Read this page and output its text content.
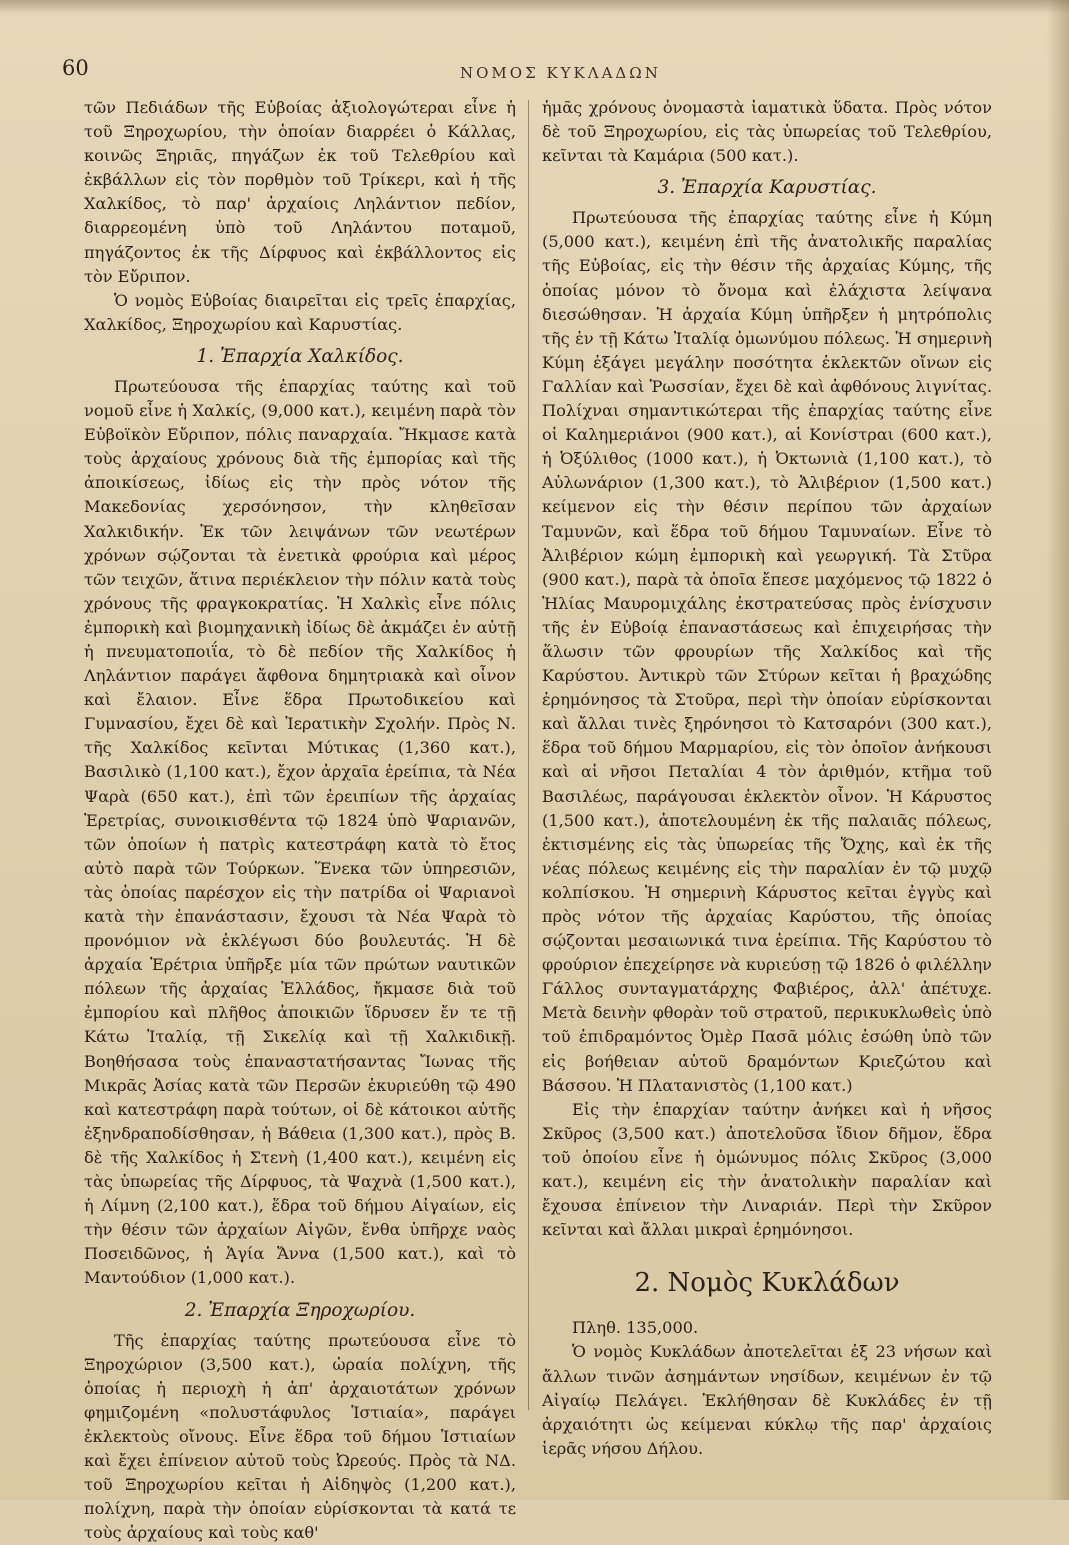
60	ΝΟΜΟΣ ΚΥΚΛΑΔΩΝ

τῶν Πεδιάδων τῆς Εὐβοίας ἀξιολογώτεραι εἶνε ἡ τοῦ Ξηροχωρίου, τὴν ὁποίαν διαρρέει ὁ Κάλλας, κοινῶς Ξηριᾶς, πηγάζων ἐκ τοῦ Τελεθρίου καὶ ἐκβάλλων εἰς τὸν πορθμὸν τοῦ Τρίκερι, καὶ ἡ τῆς Χαλκίδος, τὸ παρ' ἀρχαίοις Ληλάντιον πεδίον, διαρρεομένη ὑπὸ τοῦ Ληλάντου ποταμοῦ, πηγάζοντος ἐκ τῆς Δίρφυος καὶ ἐκβάλλοντος εἰς τὸν Εὔριπον.

Ὁ νομὸς Εὐβοίας διαιρεῖται εἰς τρεῖς ἐπαρχίας, Χαλκίδος, Ξηροχωρίου καὶ Καρυστίας.

1. Ἐπαρχία Χαλκίδος.

Πρωτεύουσα τῆς ἐπαρχίας ταύτης καὶ τοῦ νομοῦ εἶνε ἡ Χαλκίς, (9,000 κατ.), κειμένη παρὰ τὸν Εὐβοϊκὸν Εὔριπον, πόλις παναρχαία. Ἤκμασε κατὰ τοὺς ἀρχαίους χρόνους διὰ τῆς ἐμπορίας καὶ τῆς ἀποικίσεως, ἰδίως εἰς τὴν πρὸς νότον τῆς Μακεδονίας χερσόνησον, τὴν κληθεῖσαν Χαλκιδικήν. Ἐκ τῶν λειψάνων τῶν νεωτέρων χρόνων σῴζονται τὰ ἐνετικὰ φρούρια καὶ μέρος τῶν τειχῶν, ἅτινα περιέκλειον τὴν πόλιν κατὰ τοὺς χρόνους τῆς φραγκοκρατίας. Ἡ Χαλκὶς εἶνε πόλις ἐμπορικὴ καὶ βιομηχανικὴ ἰδίως δὲ ἀκμάζει ἐν αὐτῇ ἡ πνευματοποιΐα, τὸ δὲ πεδίον τῆς Χαλκίδος ἡ Ληλάντιον παράγει ἄφθονα δημητριακὰ καὶ οἶνον καὶ ἔλαιον. Εἶνε ἕδρα Πρωτοδικείου καὶ Γυμνασίου, ἔχει δὲ καὶ Ἱερατικὴν Σχολήν. Πρὸς Ν. τῆς Χαλκίδος κεῖνται Μύτικας (1,360 κατ.), Βασιλικὸ (1,100 κατ.), ἔχον ἀρχαῖα ἐρείπια, τὰ Νέα Ψαρὰ (650 κατ.), ἐπὶ τῶν ἐρειπίων τῆς ἀρχαίας Ἐρετρίας, συνοικισθέντα τῷ 1824 ὑπὸ Ψαριανῶν, τῶν ὁποίων ἡ πατρὶς κατεστράφη κατὰ τὸ ἔτος αὐτὸ παρὰ τῶν Τούρκων. Ἕνεκα τῶν ὑπηρεσιῶν, τὰς ὁποίας παρέσχον εἰς τὴν πατρίδα οἱ Ψαριανοὶ κατὰ τὴν ἐπανάστασιν, ἔχουσι τὰ Νέα Ψαρὰ τὸ προνόμιον νὰ ἐκλέγωσι δύο βουλευτάς. Ἡ δὲ ἀρχαία Ἐρέτρια ὑπῆρξε μία τῶν πρώτων ναυτικῶν πόλεων τῆς ἀρχαίας Ἑλλάδος, ἤκμασε διὰ τοῦ ἐμπορίου καὶ πλῆθος ἀποικιῶν ἵδρυσεν ἔν τε τῇ Κάτω Ἰταλίᾳ, τῇ Σικελίᾳ καὶ τῇ Χαλκιδικῇ. Βοηθήσασα τοὺς ἐπαναστατήσαντας Ἴωνας τῆς Μικρᾶς Ἀσίας κατὰ τῶν Περσῶν ἐκυριεύθη τῷ 490 καὶ κατεστράφη παρὰ τούτων, οἱ δὲ κάτοικοι αὐτῆς ἐξηνδραποδίσθησαν, ἡ Βάθεια (1,300 κατ.), πρὸς Β. δὲ τῆς Χαλκίδος ἡ Στενὴ (1,400 κατ.), κειμένη εἰς τὰς ὑπωρείας τῆς Δίρφυος, τὰ Ψαχνὰ (1,500 κατ.), ἡ Λίμνη (2,100 κατ.), ἕδρα τοῦ δήμου Αἰγαίων, εἰς τὴν θέσιν τῶν ἀρχαίων Αἰγῶν, ἔνθα ὑπῆρχε ναὸς Ποσειδῶνος, ἡ Ἁγία Ἄννα (1,500 κατ.), καὶ τὸ Μαντούδιον (1,000 κατ.).

2. Ἐπαρχία Ξηροχωρίου.

Τῆς ἐπαρχίας ταύτης πρωτεύουσα εἶνε τὸ Ξηροχώριον (3,500 κατ.), ὡραία πολίχνη, τῆς ὁποίας ἡ περιοχὴ ἡ ἀπ' ἀρχαιοτάτων χρόνων φημιζομένη «πολυστάφυλος Ἱστιαία», παράγει ἐκλεκτοὺς οἴνους. Εἶνε ἕδρα τοῦ δήμου Ἱστιαίων καὶ ἔχει ἐπίνειον αὐτοῦ τοὺς Ὠρεούς. Πρὸς τὰ ΝΔ. τοῦ Ξηροχωρίου κεῖται ἡ Αἰδηψὸς (1,200 κατ.), πολίχνη, παρὰ τὴν ὁποίαν εὑρίσκονται τὰ κατά τε τοὺς ἀρχαίους καὶ τοὺς καθ'

ἡμᾶς χρόνους ὀνομαστὰ ἰαματικὰ ὕδατα. Πρὸς νότον δὲ τοῦ Ξηροχωρίου, εἰς τὰς ὑπωρείας τοῦ Τελεθρίου, κεῖνται τὰ Καμάρια (500 κατ.).

3. Ἐπαρχία Καρυστίας.

Πρωτεύουσα τῆς ἐπαρχίας ταύτης εἶνε ἡ Κύμη (5,000 κατ.), κειμένη ἐπὶ τῆς ἀνατολικῆς παραλίας τῆς Εὐβοίας, εἰς τὴν θέσιν τῆς ἀρχαίας Κύμης, τῆς ὁποίας μόνον τὸ ὄνομα καὶ ἐλάχιστα λείψανα διεσώθησαν. Ἡ ἀρχαία Κύμη ὑπῆρξεν ἡ μητρόπολις τῆς ἐν τῇ Κάτω Ἰταλίᾳ ὁμωνύμου πόλεως. Ἡ σημερινὴ Κύμη ἐξάγει μεγάλην ποσότητα ἐκλεκτῶν οἴνων εἰς Γαλλίαν καὶ Ῥωσσίαν, ἔχει δὲ καὶ ἀφθόνους λιγνίτας. Πολίχναι σημαντικώτεραι τῆς ἐπαρχίας ταύτης εἶνε οἱ Καλημεριάνοι (900 κατ.), αἱ Κονίστραι (600 κατ.), ἡ Ὀξύλιθος (1000 κατ.), ἡ Ὀκτωνιὰ (1,100 κατ.), τὸ Αὐλωνάριον (1,300 κατ.), τὸ Ἀλιβέριον (1,500 κατ.) κείμενον εἰς τὴν θέσιν περίπου τῶν ἀρχαίων Ταμυνῶν, καὶ ἕδρα τοῦ δήμου Ταμυναίων. Εἶνε τὸ Ἀλιβέριον κώμη ἐμπορικὴ καὶ γεωργική. Τὰ Στῦρα (900 κατ.), παρὰ τὰ ὁποῖα ἔπεσε μαχόμενος τῷ 1822 ὁ Ἠλίας Μαυρομιχάλης ἐκστρατεύσας πρὸς ἐνίσχυσιν τῆς ἐν Εὐβοίᾳ ἐπαναστάσεως καὶ ἐπιχειρήσας τὴν ἅλωσιν τῶν φρουρίων τῆς Χαλκίδος καὶ τῆς Καρύστου. Ἀντικρὺ τῶν Στύρων κεῖται ἡ βραχώδης ἐρημόνησος τὰ Στοῦρα, περὶ τὴν ὁποίαν εὑρίσκονται καὶ ἄλλαι τινὲς ξηρόνησοι τὸ Κατσαρόνι (300 κατ.), ἕδρα τοῦ δήμου Μαρμαρίου, εἰς τὸν ὁποῖον ἀνήκουσι καὶ αἱ νῆσοι Πεταλίαι 4 τὸν ἀριθμόν, κτῆμα τοῦ Βασιλέως, παράγουσαι ἐκλεκτὸν οἶνον. Ἡ Κάρυστος (1,500 κατ.), ἀποτελουμένη ἐκ τῆς παλαιᾶς πόλεως, ἐκτισμένης εἰς τὰς ὑπωρείας τῆς Ὄχης, καὶ ἐκ τῆς νέας πόλεως κειμένης εἰς τὴν παραλίαν ἐν τῷ μυχῷ κολπίσκου. Ἡ σημερινὴ Κάρυστος κεῖται ἐγγὺς καὶ πρὸς νότον τῆς ἀρχαίας Καρύστου, τῆς ὁποίας σῴζονται μεσαιωνικά τινα ἐρείπια. Τῆς Καρύστου τὸ φρούριον ἐπεχείρησε νὰ κυριεύσῃ τῷ 1826 ὁ φιλέλλην Γάλλος συνταγματάρχης Φαβιέρος, ἀλλ' ἀπέτυχε. Μετὰ δεινὴν φθορὰν τοῦ στρατοῦ, περικυκλωθεὶς ὑπὸ τοῦ ἐπιδραμόντος Ὀμὲρ Πασᾶ μόλις ἐσώθη ὑπὸ τῶν εἰς βοήθειαν αὐτοῦ δραμόντων Κριεζώτου καὶ Βάσσου. Ἡ Πλατανιστὸς (1,100 κατ.)

Εἰς τὴν ἐπαρχίαν ταύτην ἀνήκει καὶ ἡ νῆσος Σκῦρος (3,500 κατ.) ἀποτελοῦσα ἴδιον δῆμον, ἕδρα τοῦ ὁποίου εἶνε ἡ ὁμώνυμος πόλις Σκῦρος (3,000 κατ.), κειμένη εἰς τὴν ἀνατολικὴν παραλίαν καὶ ἔχουσα ἐπίνειον τὴν Λιναριάν. Περὶ τὴν Σκῦρον κεῖνται καὶ ἄλλαι μικραὶ ἐρημόνησοι.

2. Νομὸς Κυκλάδων

Πληθ. 135,000.

Ὁ νομὸς Κυκλάδων ἀποτελεῖται ἐξ 23 νήσων καὶ ἄλλων τινῶν ἀσημάντων νησίδων, κειμένων ἐν τῷ Αἰγαίῳ Πελάγει. Ἐκλήθησαν δὲ Κυκλάδες ἐν τῇ ἀρχαιότητι ὡς κείμεναι κύκλῳ τῆς παρ' ἀρχαίοις ἱερᾶς νήσου Δήλου.
